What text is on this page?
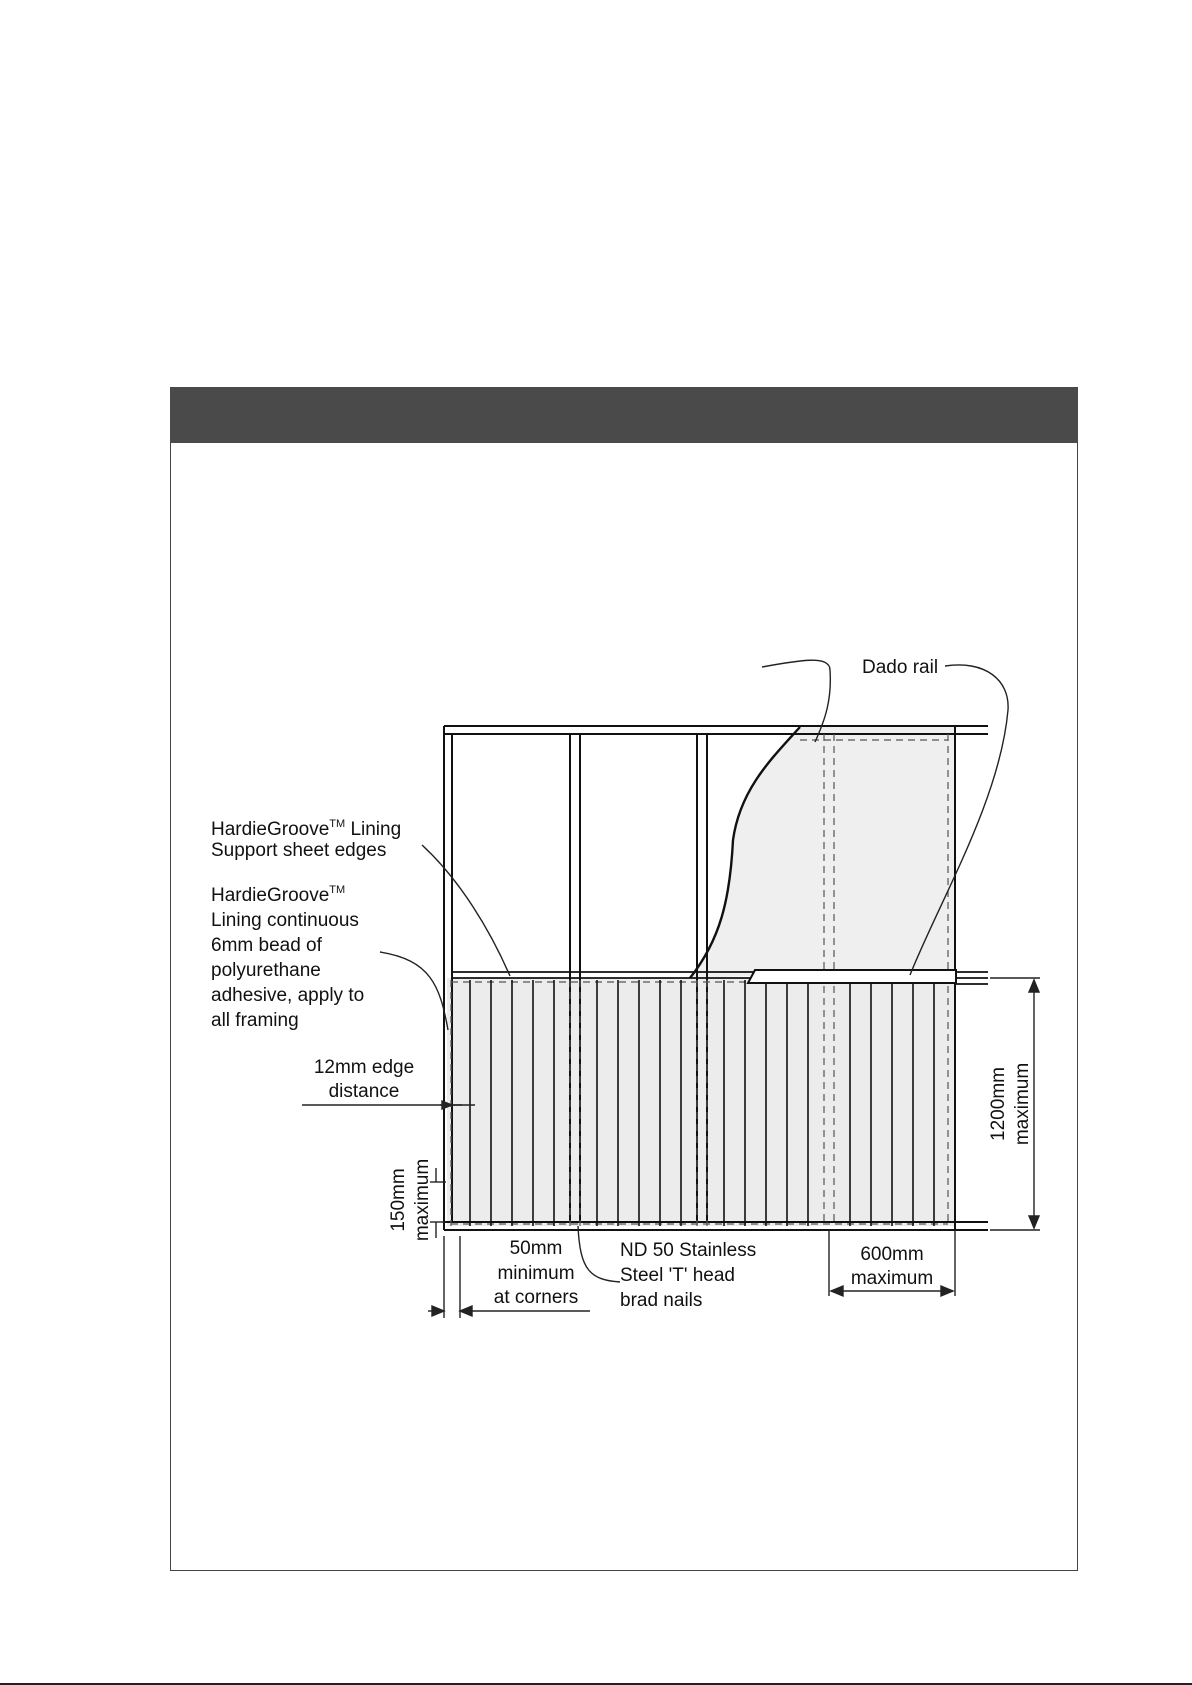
Dado rail
HardieGroove™ Lining
Support sheet edges
HardieGroove™
Lining continuous
6mm bead of
polyurethane
adhesive, apply to
all framing
12mm edge
distance
150mm maximum
1200mm maximum
50mm
minimum
at corners
ND 50 Stainless
Steel 'T' head
brad nails
600mm
maximum
